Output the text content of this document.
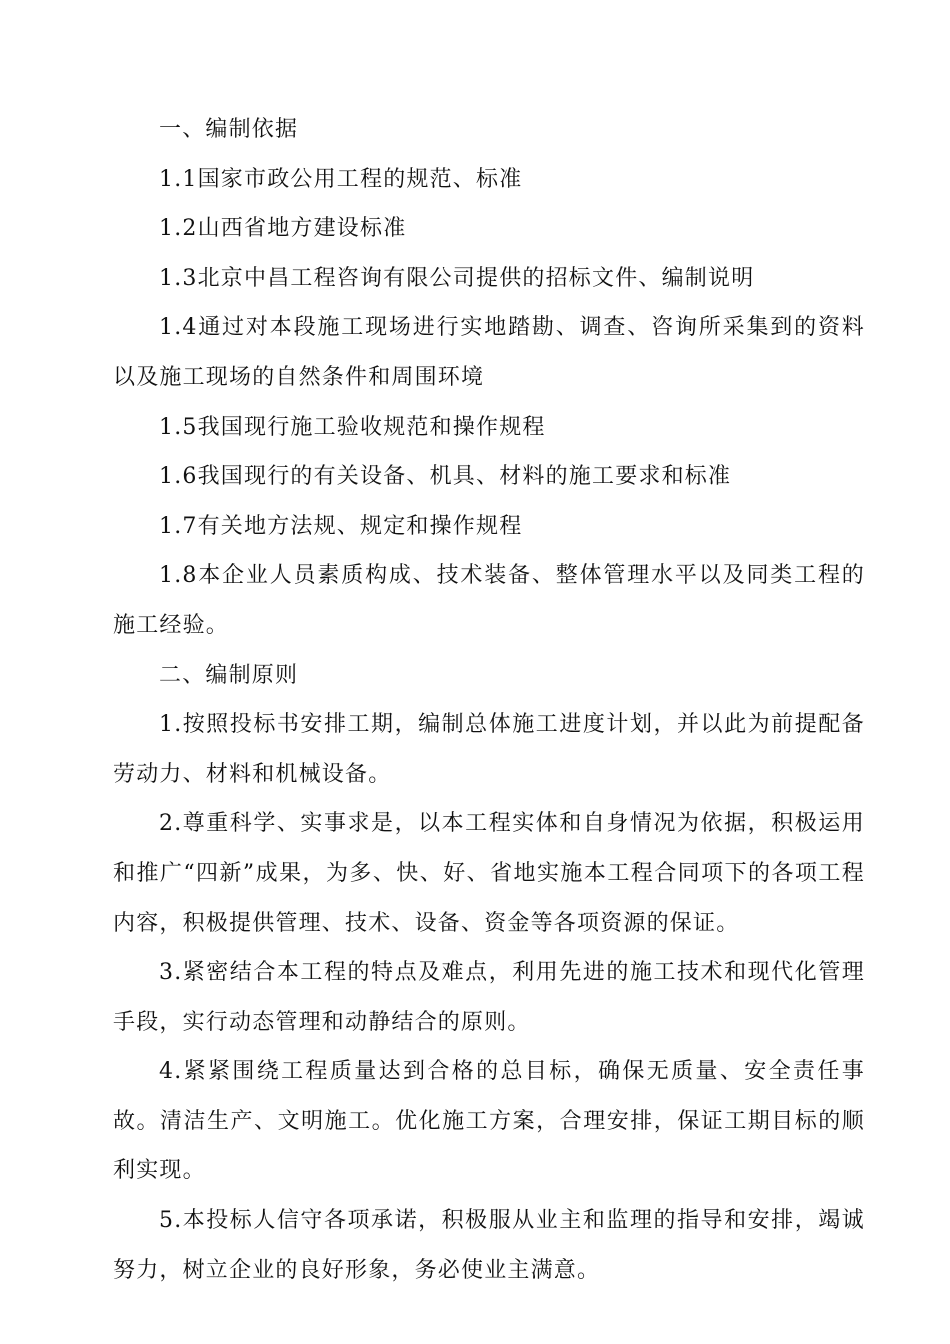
一、编制依据

1.1国家市政公用工程的规范、标准

1.2山西省地方建设标准

1.3北京中昌工程咨询有限公司提供的招标文件、编制说明

1.4通过对本段施工现场进行实地踏勘、调查、咨询所采集到的资料以及施工现场的自然条件和周围环境

1.5我国现行施工验收规范和操作规程

1.6我国现行的有关设备、机具、材料的施工要求和标准

1.7有关地方法规、规定和操作规程

1.8本企业人员素质构成、技术装备、整体管理水平以及同类工程的施工经验。

二、编制原则

1.按照投标书安排工期，编制总体施工进度计划，并以此为前提配备劳动力、材料和机械设备。

2.尊重科学、实事求是，以本工程实体和自身情况为依据，积极运用和推广“四新”成果，为多、快、好、省地实施本工程合同项下的各项工程内容，积极提供管理、技术、设备、资金等各项资源的保证。

3.紧密结合本工程的特点及难点，利用先进的施工技术和现代化管理手段，实行动态管理和动静结合的原则。

4.紧紧围绕工程质量达到合格的总目标，确保无质量、安全责任事故。清洁生产、文明施工。优化施工方案，合理安排，保证工期目标的顺利实现。

5.本投标人信守各项承诺，积极服从业主和监理的指导和安排，竭诚努力，树立企业的良好形象，务必使业主满意。
